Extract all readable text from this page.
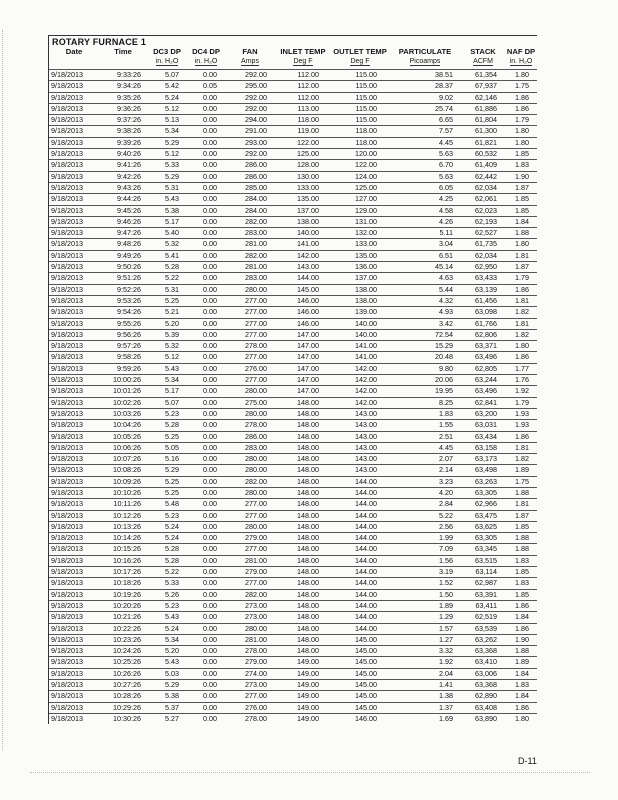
ROTARY FURNACE 1
Date	Time	DC3 DP	DC4 DP	FAN	INLET TEMP	OUTLET TEMP	PARTICULATE	STACK	NAF DP
		in. H₂O	in. H₂O	Amps	Deg F	Deg F	Picoamps	ACFM	in. H₂O
9/18/2013	9:33:26	5.07	0.00	292.00	112.00	115.00	38.51	61,354	1.80
9/18/2013	9:34:26	5.42	0.05	295.00	112.00	115.00	28.37	67,937	1.75
9/18/2013	9:35:26	5.24	0.00	292.00	112.00	115.00	9.02	62,146	1.86
9/18/2013	9:36:26	5.12	0.00	292.00	113.00	115.00	25.74	61,886	1.86
9/18/2013	9:37:26	5.13	0.00	294.00	118.00	115.00	6.65	61,804	1.79
9/18/2013	9:38:26	5.34	0.00	291.00	119.00	118.00	7.57	61,300	1.80
9/18/2013	9:39:26	5.29	0.00	293.00	122.00	118.00	4.45	61,821	1.80
9/18/2013	9:40:26	5.12	0.00	292.00	125.00	120.00	5.63	60,532	1.85
9/18/2013	9:41:26	5.33	0.00	286.00	128.00	122.00	6.70	61,409	1.83
9/18/2013	9:42:26	5.29	0.00	286.00	130.00	124.00	5.63	62,442	1.90
9/18/2013	9:43:26	5.31	0.00	285.00	133.00	125.00	6.05	62,034	1.87
9/18/2013	9:44:26	5.43	0.00	284.00	135.00	127.00	4.25	62,061	1.85
9/18/2013	9:45:26	5.38	0.00	284.00	137.00	129.00	4.58	62,023	1.85
9/18/2013	9:46:26	5.17	0.00	282.00	138.00	131.00	4.26	62,193	1.84
9/18/2013	9:47:26	5.40	0.00	283.00	140.00	132.00	5.11	62,527	1.88
9/18/2013	9:48:26	5.32	0.00	281.00	141.00	133.00	3.04	61,735	1.80
9/18/2013	9:49:26	5.41	0.00	282.00	142.00	135.00	6.51	62,034	1.81
9/18/2013	9:50:26	5.28	0.00	281.00	143.00	136.00	45.14	62,950	1.87
9/18/2013	9:51:26	5.22	0.00	283.00	144.00	137.00	4.63	63,433	1.79
9/18/2013	9:52:26	5.31	0.00	280.00	145.00	138.00	5.44	63,139	1.86
9/18/2013	9:53:26	5.25	0.00	277.00	146.00	138.00	4.32	61,456	1.81
9/18/2013	9:54:26	5.21	0.00	277.00	146.00	139.00	4.93	63,098	1.82
9/18/2013	9:55:26	5.20	0.00	277.00	146.00	140.00	3.42	61,766	1.81
9/18/2013	9:56:26	5.39	0.00	277.00	147.00	140.00	72.54	62,806	1.82
9/18/2013	9:57:26	5.32	0.00	278.00	147.00	141.00	15.29	63,371	1.80
9/18/2013	9:58:26	5.12	0.00	277.00	147.00	141.00	20.48	63,496	1.86
9/18/2013	9:59:26	5.43	0.00	276.00	147.00	142.00	9.80	62,805	1.77
9/18/2013	10:00:26	5.34	0.00	277.00	147.00	142.00	20.06	63,244	1.76
9/18/2013	10:01:26	5.17	0.00	280.00	147.00	142.00	19.95	63,496	1.92
9/18/2013	10:02:26	5.07	0.00	275.00	148.00	142.00	8.25	62,841	1.79
9/18/2013	10:03:26	5.23	0.00	280.00	148.00	143.00	1.83	63,200	1.93
9/18/2013	10:04:26	5.28	0.00	278.00	148.00	143.00	1.55	63,031	1.93
9/18/2013	10:05:26	5.25	0.00	286.00	148.00	143.00	2.51	63,434	1.86
9/18/2013	10:06:26	5.05	0.00	283.00	148.00	143.00	4.45	63,158	1.81
9/18/2013	10:07:26	5.16	0.00	280.00	148.00	143.00	2.07	63,173	1.82
9/18/2013	10:08:26	5.29	0.00	280.00	148.00	143.00	2.14	63,498	1.89
9/18/2013	10:09:26	5.25	0.00	282.00	148.00	144.00	3.23	63,263	1.75
9/18/2013	10:10:26	5.25	0.00	280.00	148.00	144.00	4.20	63,305	1.88
9/18/2013	10:11:26	5.48	0.00	277.00	148.00	144.00	2.84	62,966	1.81
9/18/2013	10:12:26	5.23	0.00	277.00	148.00	144.00	5.22	63,475	1.87
9/18/2013	10:13:26	5.24	0.00	280.00	148.00	144.00	2.56	63,625	1.85
9/18/2013	10:14:26	5.24	0.00	279.00	148.00	144.00	1.99	63,305	1.88
9/18/2013	10:15:26	5.28	0.00	277.00	148.00	144.00	7.09	63,345	1.88
9/18/2013	10:16:26	5.28	0.00	281.00	148.00	144.00	1.56	63,515	1.83
9/18/2013	10:17:26	5.22	0.00	279.00	148.00	144.00	3.19	63,114	1.85
9/18/2013	10:18:26	5.33	0.00	277.00	148.00	144.00	1.52	62,987	1.83
9/18/2013	10:19:26	5.26	0.00	282.00	148.00	144.00	1.50	63,391	1.85
9/18/2013	10:20:26	5.23	0.00	273.00	148.00	144.00	1.89	63,411	1.86
9/18/2013	10:21:26	5.43	0.00	273.00	148.00	144.00	1.29	62,519	1.84
9/18/2013	10:22:26	5.24	0.00	280.00	148.00	144.00	1.57	63,539	1.86
9/18/2013	10:23:26	5.34	0.00	281.00	148.00	145.00	1.27	63,262	1.90
9/18/2013	10:24:26	5.20	0.00	278.00	148.00	145.00	3.32	63,368	1.88
9/18/2013	10:25:26	5.43	0.00	279.00	149.00	145.00	1.92	63,410	1.89
9/18/2013	10:26:26	5.03	0.00	274.00	149.00	145.00	2.04	63,006	1.84
9/18/2013	10:27:26	5.29	0.00	273.00	149.00	145.00	1.41	63,368	1.83
9/18/2013	10:28:26	5.38	0.00	277.00	149.00	145.00	1.38	62,890	1.84
9/18/2013	10:29:26	5.37	0.00	276.00	149.00	145.00	1.37	63,408	1.86
9/18/2013	10:30:26	5.27	0.00	278.00	149.00	146.00	1.69	63,890	1.80
D-11
